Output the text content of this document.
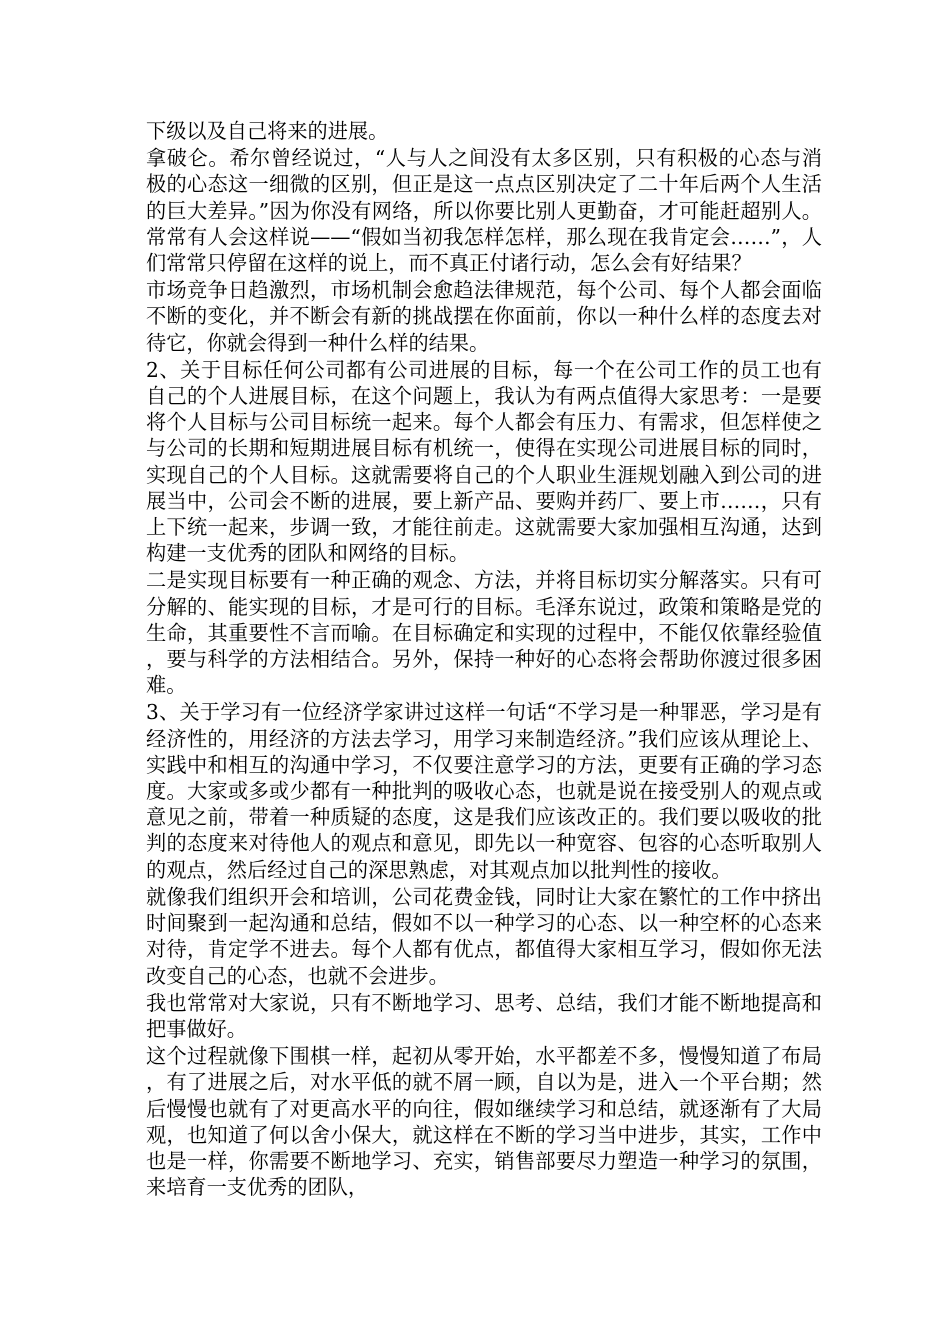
下级以及自己将来的进展。

拿破仑。希尔曾经说过，“人与人之间没有太多区别，只有积极的心态与消极的心态这一细微的区别，但正是这一点点区别决定了二十年后两个人生活的巨大差异。”因为你没有网络，所以你要比别人更勤奋，才可能赶超别人。常常有人会这样说——“假如当初我怎样怎样，那么现在我肯定会……”，人们常常只停留在这样的说上，而不真正付诸行动，怎么会有好结果？

市场竞争日趋激烈，市场机制会愈趋法律规范，每个公司、每个人都会面临不断的变化，并不断会有新的挑战摆在你面前，你以一种什么样的态度去对待它，你就会得到一种什么样的结果。

2、关于目标任何公司都有公司进展的目标，每一个在公司工作的员工也有自己的个人进展目标，在这个问题上，我认为有两点值得大家思考：一是要将个人目标与公司目标统一起来。每个人都会有压力、有需求，但怎样使之与公司的长期和短期进展目标有机统一，使得在实现公司进展目标的同时，实现自己的个人目标。这就需要将自己的个人职业生涯规划融入到公司的进展当中，公司会不断的进展，要上新产品、要购并药厂、要上市……，只有上下统一起来，步调一致，才能往前走。这就需要大家加强相互沟通，达到构建一支优秀的团队和网络的目标。

二是实现目标要有一种正确的观念、方法，并将目标切实分解落实。只有可分解的、能实现的目标，才是可行的目标。毛泽东说过，政策和策略是党的生命，其重要性不言而喻。在目标确定和实现的过程中，不能仅依靠经验值，要与科学的方法相结合。另外，保持一种好的心态将会帮助你渡过很多困难。

3、关于学习有一位经济学家讲过这样一句话“不学习是一种罪恶，学习是有经济性的，用经济的方法去学习，用学习来制造经济。”我们应该从理论上、实践中和相互的沟通中学习，不仅要注意学习的方法，更要有正确的学习态度。大家或多或少都有一种批判的吸收心态，也就是说在接受别人的观点或意见之前，带着一种质疑的态度，这是我们应该改正的。我们要以吸收的批判的态度来对待他人的观点和意见，即先以一种宽容、包容的心态听取别人的观点，然后经过自己的深思熟虑，对其观点加以批判性的接收。

就像我们组织开会和培训，公司花费金钱，同时让大家在繁忙的工作中挤出时间聚到一起沟通和总结，假如不以一种学习的心态、以一种空杯的心态来对待，肯定学不进去。每个人都有优点，都值得大家相互学习，假如你无法改变自己的心态，也就不会进步。

我也常常对大家说，只有不断地学习、思考、总结，我们才能不断地提高和把事做好。

这个过程就像下围棋一样，起初从零开始，水平都差不多，慢慢知道了布局，有了进展之后，对水平低的就不屑一顾，自以为是，进入一个平台期；然后慢慢也就有了对更高水平的向往，假如继续学习和总结，就逐渐有了大局观，也知道了何以舍小保大，就这样在不断的学习当中进步，其实，工作中也是一样，你需要不断地学习、充实，销售部要尽力塑造一种学习的氛围，来培育一支优秀的团队，
